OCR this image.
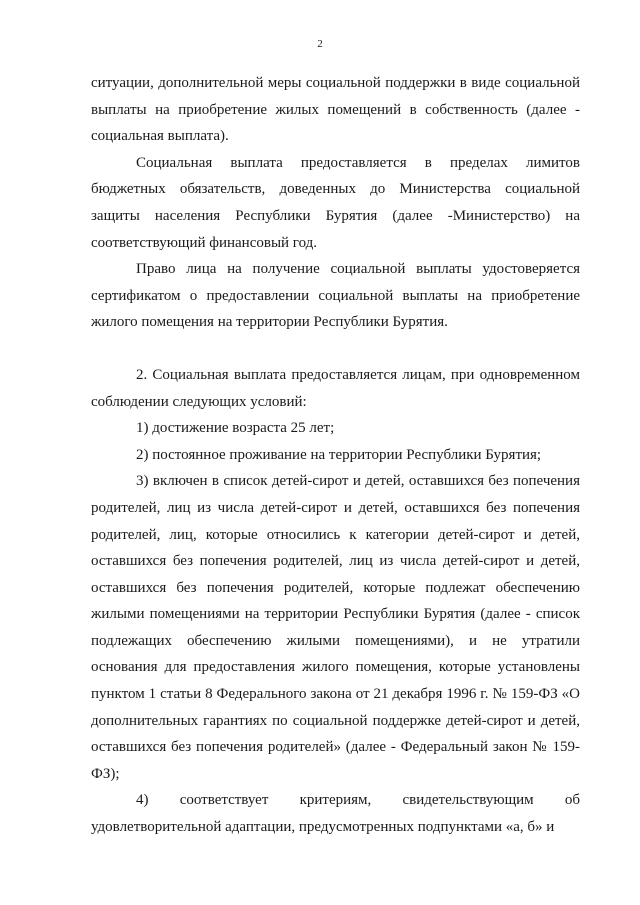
2

ситуации, дополнительной меры социальной поддержки в виде социальной выплаты на приобретение жилых помещений в собственность (далее - социальная выплата).

Социальная выплата предоставляется в пределах лимитов бюджетных обязательств, доведенных до Министерства социальной защиты населения Республики Бурятия (далее -Министерство) на соответствующий финансовый год.

Право лица на получение социальной выплаты удостоверяется сертификатом о предоставлении социальной выплаты на приобретение жилого помещения на территории Республики Бурятия.

2. Социальная выплата предоставляется лицам, при одновременном соблюдении следующих условий:

1) достижение возраста 25 лет;

2) постоянное проживание на территории Республики Бурятия;

3) включен в список детей-сирот и детей, оставшихся без попечения родителей, лиц из числа детей-сирот и детей, оставшихся без попечения родителей, лиц, которые относились к категории детей-сирот и детей, оставшихся без попечения родителей, лиц из числа детей-сирот и детей, оставшихся без попечения родителей, которые подлежат обеспечению жилыми помещениями на территории Республики Бурятия (далее - список подлежащих обеспечению жилыми помещениями), и не утратили основания для предоставления жилого помещения, которые установлены пунктом 1 статьи 8 Федерального закона от 21 декабря 1996 г. № 159-ФЗ «О дополнительных гарантиях по социальной поддержке детей-сирот и детей, оставшихся без попечения родителей» (далее - Федеральный закон № 159-ФЗ);

4) соответствует критериям, свидетельствующим об

удовлетворительной адаптации, предусмотренных подпунктами «а, б» и
